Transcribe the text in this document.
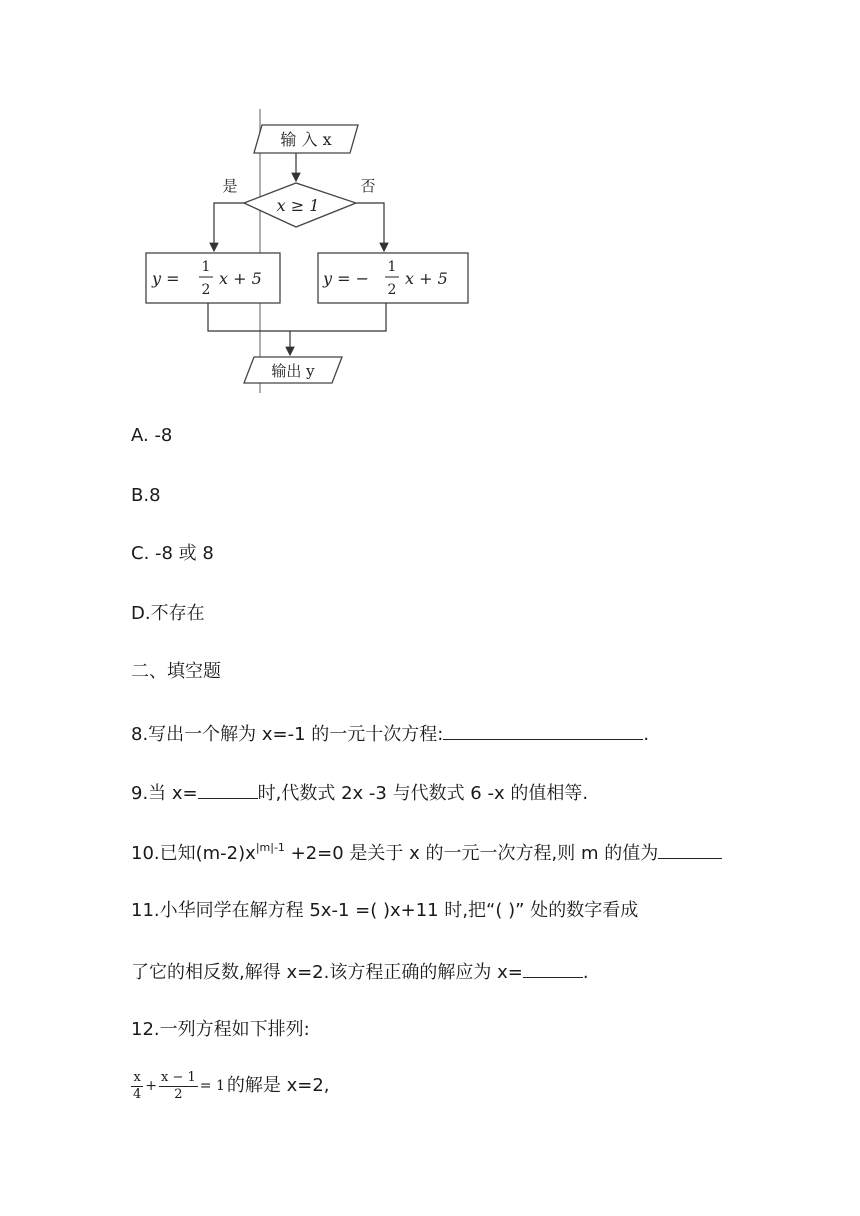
输 入 x
x ≥ 1
是	否
y =
1
2
x + 5	y = −
1
2
x + 5
输出 y
A. -8
B.8
C. -8 或 8
D.不存在
二、填空题
8.写出一个解为 x=-1 的一元十次方程:	.
9.当 x=	时,代数式 2x -3 与代数式 6 -x 的值相等.
10.已知$(m-2)x^{|m|-1} +2=0$ 是关于 x 的一元一次方程,则 m 的值为
11.小华同学在解方程 5x-1 =( )x+11 时,把“( )” 处的数字看成
了它的相反数,解得 x=2.该方程正确的解应为 x=	.
12.一列方程如下排列:
$\frac{x}{4} + \frac{x - 1}{2} = 1$ 的解是 x=2,
